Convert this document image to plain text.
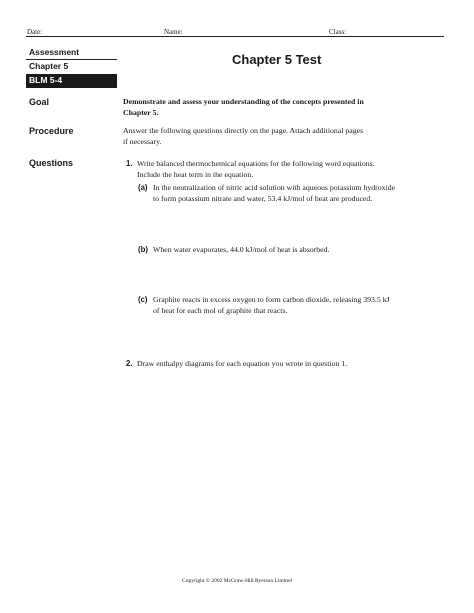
Date:	Name:	Class:
Assessment
Chapter 5
BLM 5-4
Chapter 5 Test
Goal	Demonstrate and assess your understanding of the concepts presented in
Chapter 5.
Procedure	Answer the following questions directly on the page. Attach additional pages
if necessary.
Questions	1. Write balanced thermochemical equations for the following word equations.
Include the heat term in the equation.
(a) In the neutralization of nitric acid solution with aqueous potassium hydroxide
to form potassium nitrate and water, 53.4 kJ/mol of heat are produced.
(b) When water evaporates, 44.0 kJ/mol of heat is absorbed.
(c) Graphite reacts in excess oxygen to form carbon dioxide, releasing 393.5 kJ
of heat for each mol of graphite that reacts.
2. Draw enthalpy diagrams for each equation you wrote in question 1.
Copyright © 2002 McGraw-Hill Ryerson Limited
